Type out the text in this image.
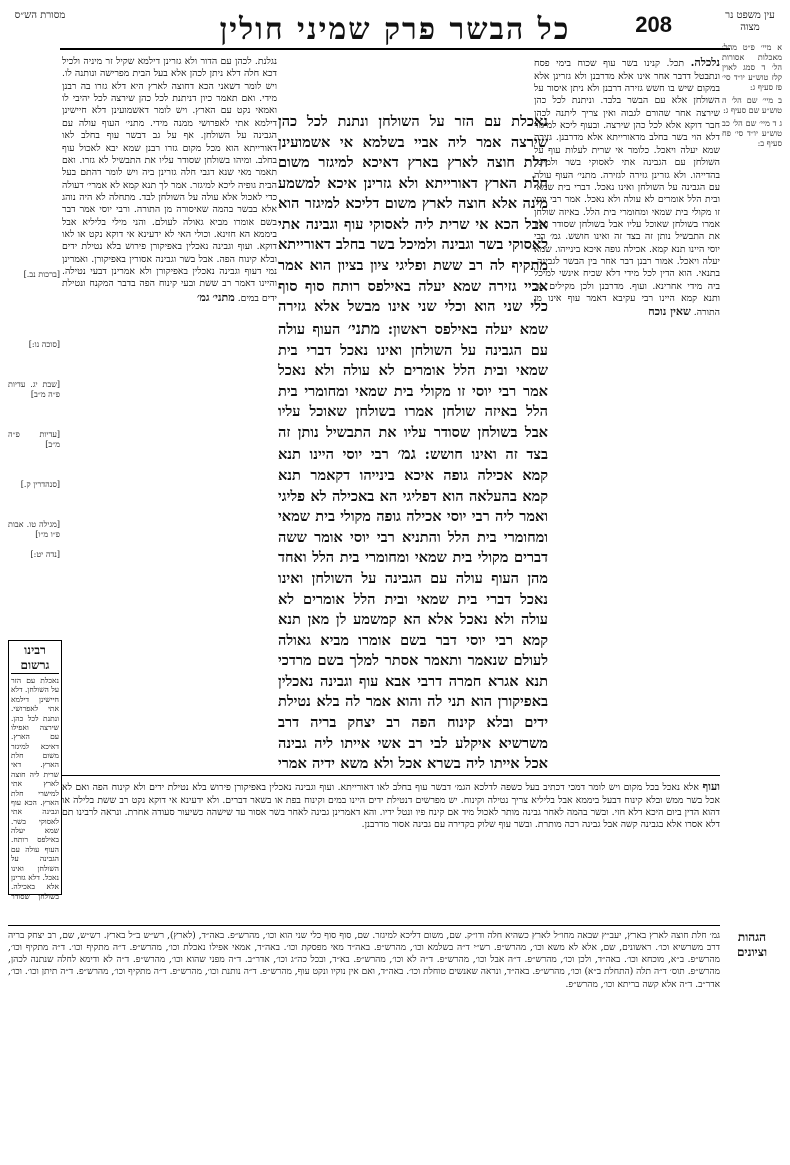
עין משפט נר מצוה
מסורת הש״ס	כל הבשר פרק שמיני חולין	208
א מיי׳ פ״ט מהל׳ מאכלות אסורות הל׳ ד סמג לאוין קלז טוש״ע יו״ד סי׳ פז סעיף ג:
ב מיי׳ שם הל׳ ה טוש״ע שם סעיף ג:
ג ד מיי׳ שם הל׳ כב טוש״ע יו״ד סי׳ פח סעיף ב:
[ברכות נב.]
[סוכה נו:]
[שבת יג. עדיות פ״ה מ״ב]
[עדיות פ״ה מ״ב]
[סנהדרין ק.]
[מגילה טו. אבות פ״ו מ״ו]
[נדה יט:]
נלכלה. תכל. קנינו בשר עוף שכוח בימי פסח ונתבטל דדבר אחר אינו אלא מדרבנן ולא גזרינן אלא במקום שיש בו חשש גזירה דרבנן ולא ניתן איסור על השולחן אלא עם הבשר בלבד. וניתנת לכל כהן שירצה אחר שהורם לגבוה ואין צריך ליתנה לכהן חבר דוקא אלא לכל כהן שירצה. ובעוף ליכא למיגזר דלא הוי בשר בחלב מדאורייתא אלא מדרבנן. גזירה שמא יעלה ויאכל. כלומר אי שרית לעלות עוף על השולחן עם הגבינה אתי לאסוקי בשר ולמיכל בהדייהו. ולא גזרינן גזירה לגזירה. מתני׳ העוף עולה עם הגבינה על השולחן ואינו נאכל. דברי בית שמאי ובית הלל אומרים לא עולה ולא נאכל. אמר רבי יוסי זו מקולי בית שמאי ומחומרי בית הלל. באיזה שולחן אמרו בשולחן שאוכל עליו אבל בשולחן שסודר עליו את התבשיל נותן זה בצד זה ואינו חושש. גמ׳ רבי יוסי היינו תנא קמא. אכילה גופה איכא בינייהו. שמא יעלה ויאכל. אמור רבנן דבר אחר בין הבשר לגבינה. בתנאי. הוא הדין לכל מידי דלא שכיח אינשי למיכל ביה מידי אחרינא. ועוף. מדרבנן ולכן מקילים בו. ותנא קמא היינו רבי עקיבא דאמר עוף אינו מן התורה. שאין נוכח
נגלנת. לכהן עם הדור ולא גזרינן דילמא שקיל זר מיניה ולכיל דכא חלה דלא ניתן לכהן אלא בעל הבית מפרישה ונותנה לו. ויש לומר דשאני הכא דחוצה לארץ היא דלא גזרו בה רבנן מידי. ואם תאמר כיון דניתנת לכל כהן שירצה לכל יהיבי לו ואמאי נקט עם הארץ. ויש לומר דאשמועינן דלא חיישינן דילמא אתי לאפרושי ממנה מידי. מתני׳ העוף עולה עם הגבינה על השולחן. אף על גב דבשר עוף בחלב לאו דאורייתא הוא מכל מקום גזרו רבנן שמא יבא לאכול עוף בחלב. ומיהו בשולחן שסודר עליו את התבשיל לא גזרו. ואם תאמר מאי שנא דגבי חלה גזרינן ביה ויש לומר דהתם בעל הבית גופיה ליכא למיגזר. אמר לך תנא קמא לא אמרי׳ דעולה כדי לאכול אלא עולה על השולחן לבד. מתחלה לא היה נוהג אלא בבשר בהמה שאיסורה מן התורה. ורבי יוסי אמר דבר בשם אומרו מביא גאולה לעולם. והני מילי בליליא אבל ביממא הא חזינא. וכולי האי לא ידעינא אי דוקא נקט או לאו דוקא. ועוף וגבינה נאכלין באפיקורן פירוש בלא נטילת ידים ובלא קינוח הפה. אבל בשר וגבינה אסורין באפיקורן. ואמרינן נמי דעוף וגבינה נאכלין באפיקורן ולא אמרינן דבעי נטילה. והיינו דאמר רב ששת ובעי קינוח הפה בדבר המקנח ונטילת ידים במים. מתני׳ גמ׳
נאכלת עם הזר על השולחן ונתנת לכל כהן שירצה אמר ליה אביי בשלמא אי אשמועינן חלת חוצה לארץ בארץ דאיכא למיגזר משום חלת הארץ דאורייתא ולא גזרינן איכא למשמע מינה אלא חוצה לארץ משום דליכא למיגזר הוא אבל הכא אי שרית ליה לאסוקי עוף וגבינה אתי לאסוקי בשר וגבינה ולמיכל בשר בחלב דאורייתא מתקיף לה רב ששת ופליגי ציון בציון הוא אמר אביי גזירה שמא יעלה באילפס רותח סוף סוף כלי שני הוא וכלי שני אינו מבשל אלא גזירה שמא יעלה באילפס ראשון: מתני׳ העוף עולה עם הגבינה על השולחן ואינו נאכל דברי בית שמאי ובית הלל אומרים לא עולה ולא נאכל אמר רבי יוסי זו מקולי בית שמאי ומחומרי בית הלל באיזה שולחן אמרו בשולחן שאוכל עליו אבל בשולחן שסודר עליו את התבשיל נותן זה בצד זה ואינו חושש: גמ׳ רבי יוסי היינו תנא קמא אכילה גופה איכא בינייהו דקאמר תנא קמא בהעלאה הוא דפליגי הא באכילה לא פליגי ואמר ליה רבי יוסי אכילה גופה מקולי בית שמאי ומחומרי בית הלל והתניא רבי יוסי אומר ששה דברים מקולי בית שמאי ומחומרי בית הלל ואחד מהן העוף עולה עם הגבינה על השולחן ואינו נאכל דברי בית שמאי ובית הלל אומרים לא עולה ולא נאכל אלא הא קמשמע לן מאן תנא קמא רבי יוסי דבר בשם אומרו מביא גאולה לעולם שנאמר ותאמר אסתר למלך בשם מרדכי תנא אגרא חמרה דרבי אבא עוף וגבינה נאכלין באפיקורן הוא תני לה והוא אמר לה בלא נטילת ידים ובלא קינוח הפה רב יצחק בריה דרב משרשיא איקלע לבי רב אשי אייתו ליה גבינה אכל אייתו ליה בשרא אכל ולא משא ידיה אמרי
ועוף אלא נאכל בכל מקום ויש לומר דמכי דכתיב בעל כשפה לדלכא הגמ׳ דבשר עוף בחלב לאו דאורייתא. ועוף וגבינה נאכלין באפיקורן פירוש בלא נטילת ידים ולא קינוח הפה ואם לא אכל בשר ממש ובלא קינוח דבעל ביממא אבל בליליא צריך נטילה וקינוח. יש מפרשים דנטילת ידים היינו במים וקינוח בפת או בשאר דברים. ולא ידעינא אי דוקא נקט רב ששת בלילה או דהוא הדין ביום היכא דלא חזי. ובשר בהמה לאחר גבינה מותר לאכול מיד אם קינח פיו ונטל ידיו. והא דאמרינן גבינה לאחר בשר אסור עד שישהה כשיעור סעודה אחרת. ונראה לרבינו תם דלא אסרו אלא בגבינה קשה אבל גבינה רכה מותרת. ובשר עוף שלוק בקדירה עם גבינה אסור מדרבנן.
רבינו גרשום
נאכלת עם הזר על השולחן. דלא חיישינן דילמא אתי לאפרושי. ונתנת לכל כהן. שירצה ואפילו עם הארץ. דאיכא למיגזר משום חלת הארץ. דאי שרית ליה חוצה לארץ אתי למישרי חלת הארץ. הכא עוף וגבינה אתי לאסוקי בשר. שמא יעלה באילפס רותח. העוף עולה עם הגבינה על השולחן ואינו נאכל. דלא גזרינן אלא באכילה. בשולחן שסודר
הגהות וציונים
גמ׳ חלת חוצה לארץ בארץ, יעב״ץ שבאה מחו״ל לארץ כשהיא חלה ודו״ק. שם, משום דליכא למיגזר. שם, סוף סוף כלי שני הוא וכו׳, מהרש״פ. באה״ד, (לארץ), רש״ש ב״ל בארץ. רש״ש, שם, רב יצחק בריה דרב משרשיא וכו׳. ראשונים, שם, אלא לא משא וכו׳, מהרש״פ. רש״י ד״ה בשלמא וכו׳, מהרש״פ. באה״ד מאי מפסקת וכו׳. באה״ד, אמאי אפילו נאכלת וכו׳, מהרש״פ. ד״ה מתקיף וכו׳. ד״ה מתקיף וכו׳, מהרש״פ. ב״א, מוכחא וכו׳. באה״ד, ולכן וכו׳, מהרש״פ. ד״ה אבל וכו׳, מהרש״פ. ד״ה לא וכו׳, מהרש״פ. בא״ד, ובכל כה״ג וכו׳, אדר״ב. ד״ה מפני שהוא וכו׳, מהרש״פ. ד״ה לא ודימא לחלה שנתנה לכהן, מהרש״פ. תוס׳ ד״ה תלה (התחלת ב״א) וכו׳, מהרש״פ. באה״ד, ונראה שאנשים טוחלת וכו׳. באה״ד, ואם אין נוקיו ונקט עוף, מהרש״פ. ד״ה נותנת וכו׳, מהרש״פ. ד״ה מתקיף וכו׳, מהרש״פ. ד״ה תיתן וכו׳. וכו׳, אדר״ב. ד״ה אלא קשה בריתא וכו׳, מהרש״פ.
